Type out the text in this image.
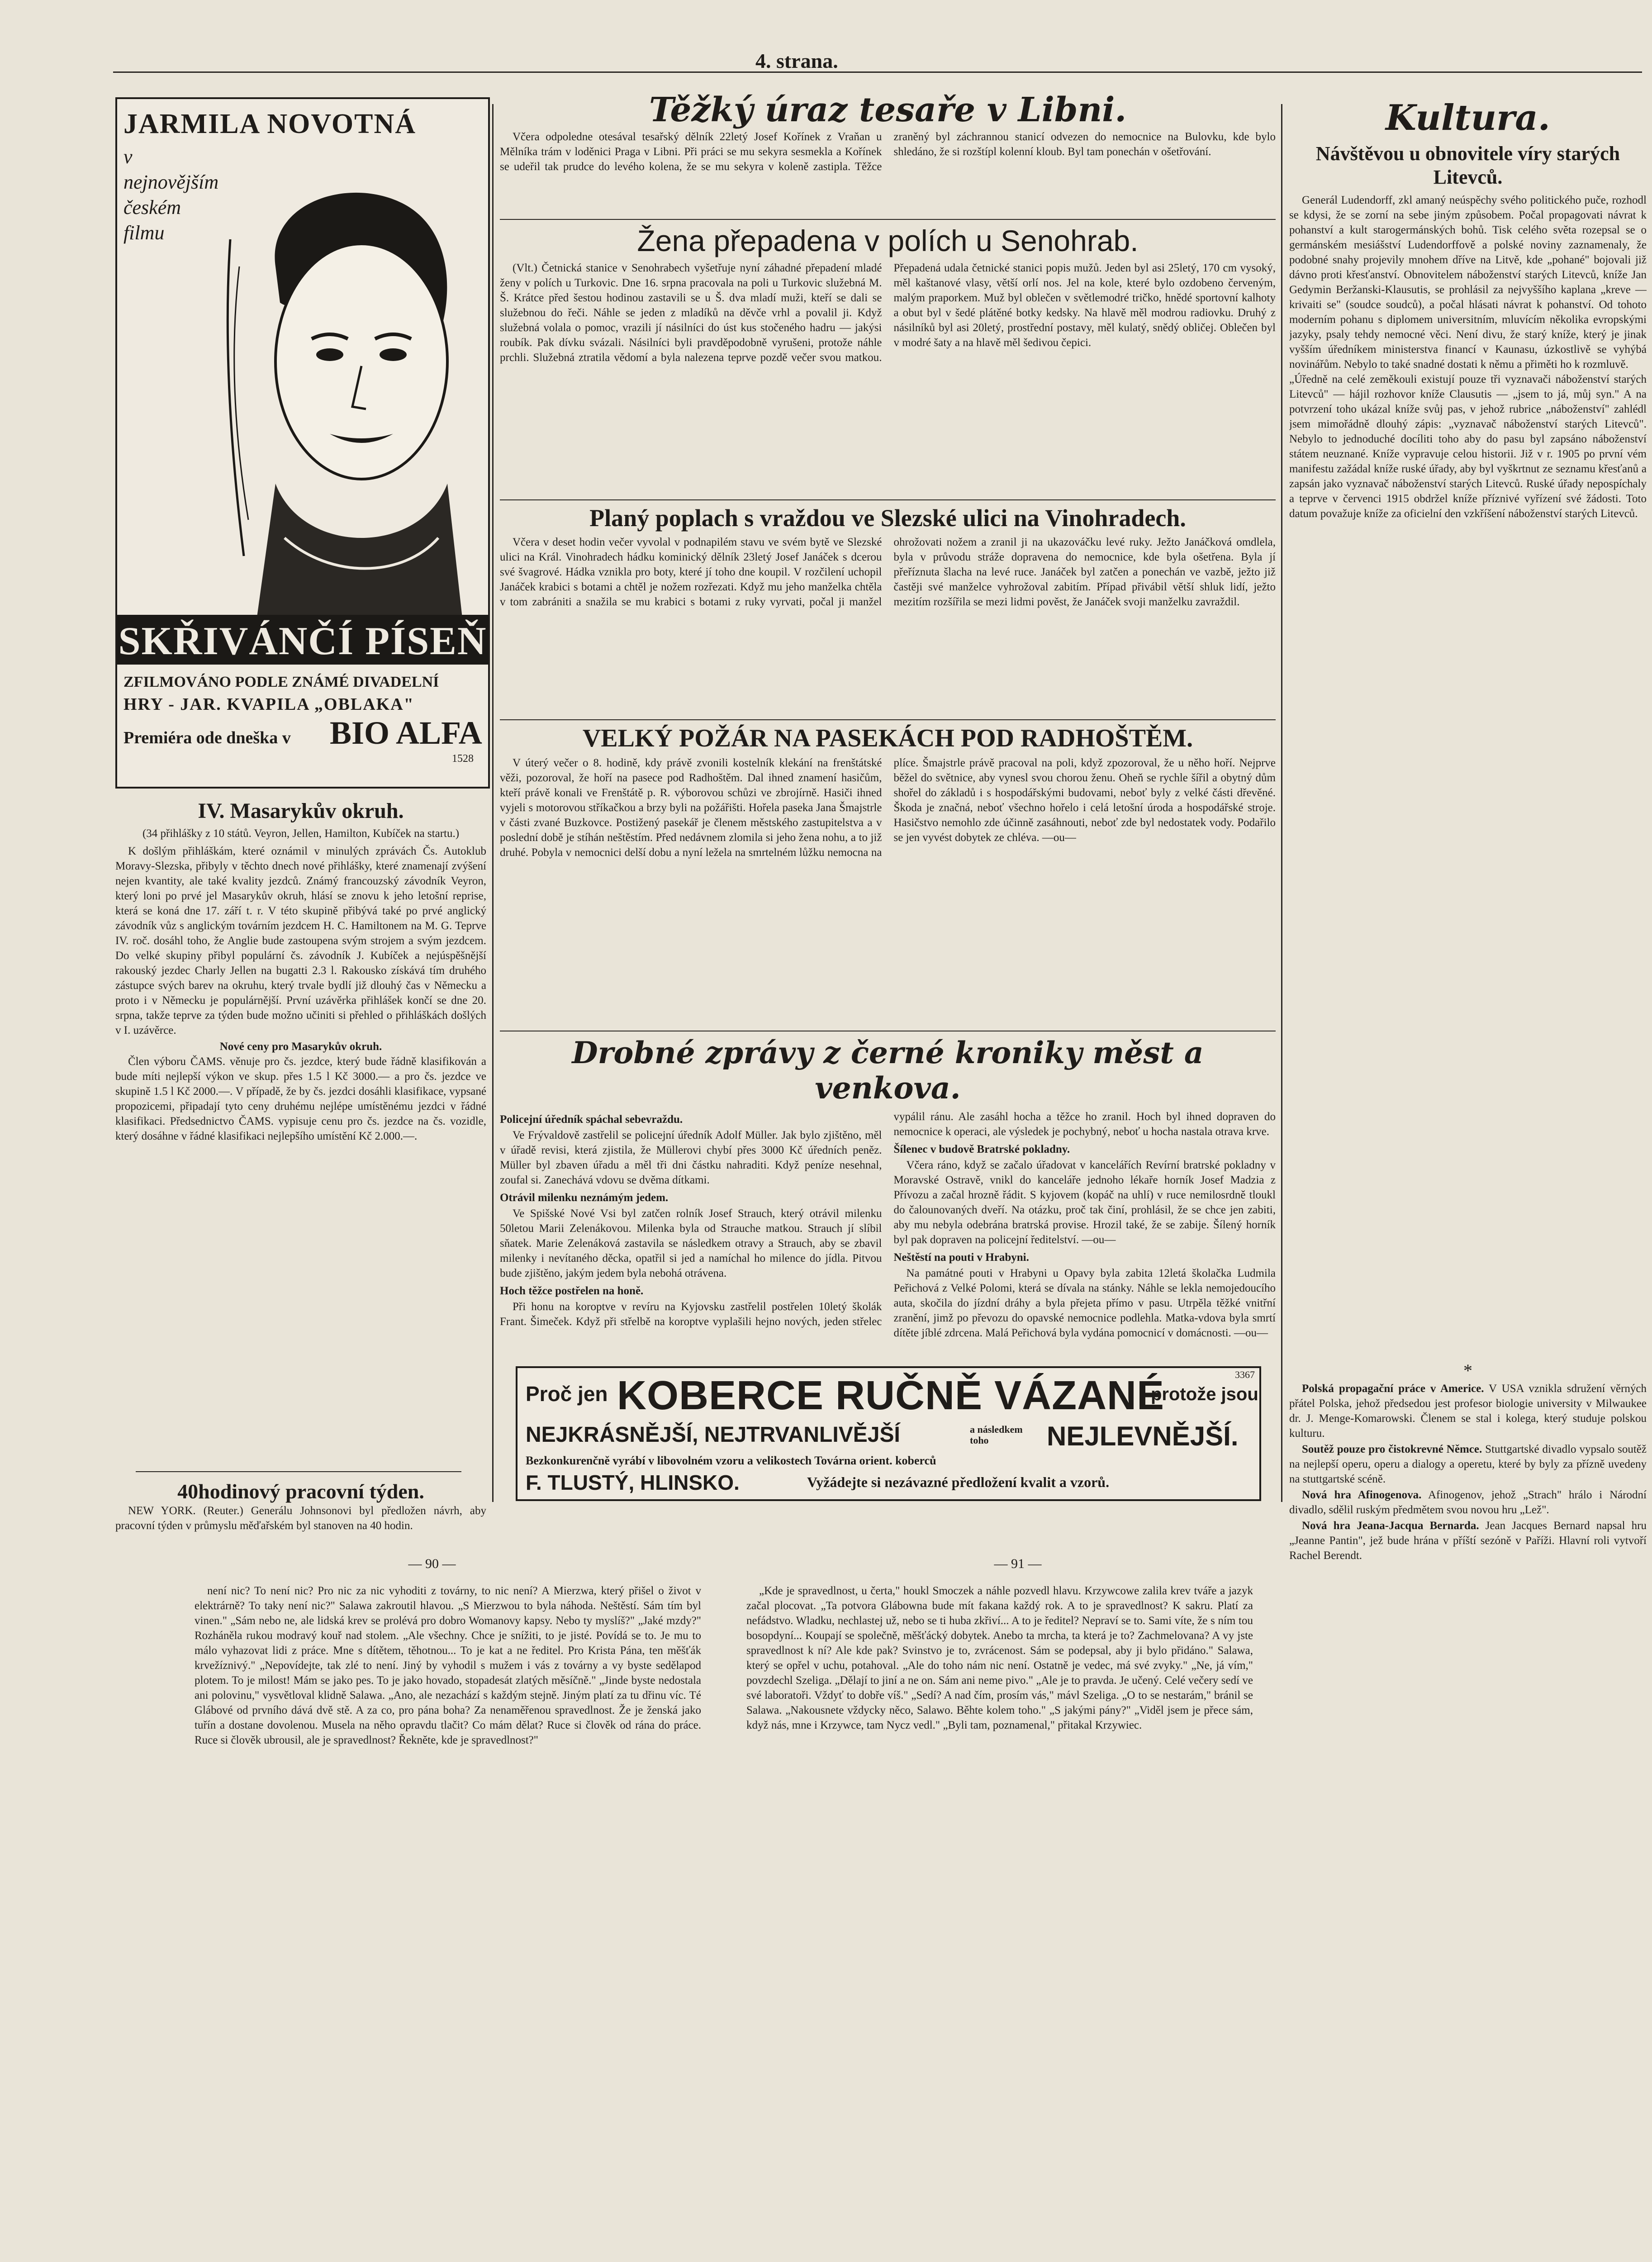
4. strana.
JARMILA NOVOTNÁ
v nejnovějším českém filmu
SKŘIVÁNČÍ PÍSEŇ
ZFILMOVÁNO PODLE ZNÁMÉ DIVADELNÍ
HRY - JAR. KVAPILA „OBLAKA"
Premiéra ode dneška v BIO ALFA
1528
IV. Masarykův okruh.
(34 přihlášky z 10 států. Veyron, Jellen, Hamilton, Kubíček na startu.)

K došlým přihláškám, které oznámil v minulých zprávách Čs. Autoklub Moravy-Slezska, přibyly v těchto dnech nové přihlášky, které znamenají zvýšení nejen kvantity, ale také kvality jezdců. Známý francouzský závodník Veyron, který loni po prvé jel Masarykův okruh, hlásí se znovu k jeho letošní reprise, která se koná dne 17. září t. r. V této skupině přibývá také po prvé anglický závodník vůz s anglickým továrním jezdcem H. C. Hamiltonem na M. G. Teprve IV. roč. dosáhl toho, že Anglie bude zastoupena svým strojem a svým jezdcem. Do velké skupiny přibyl populární čs. závodník J. Kubíček a nejúspěšnější rakouský jezdec Charly Jellen na bugatti 2.3 l. Rakousko získává tím druhého zástupce svých barev na okruhu, který trvale bydlí již dlouhý čas v Německu a proto i v Německu je populárnější. První uzávěrka přihlášek končí se dne 20. srpna, takže teprve za týden bude možno učiniti si přehled o přihláškách došlých v I. uzávěrce.

Nové ceny pro Masarykův okruh.

Člen výboru ČAMS. věnuje pro čs. jezdce, který bude řádně klasifikován a bude míti nejlepší výkon ve skup. přes 1.5 l Kč 3000.— a pro čs. jezdce ve skupině 1.5 l Kč 2000.—. V případě, že by čs. jezdci dosáhli klasifikace, vypsané propozicemi, připadají tyto ceny druhému nejlépe umístěnému jezdci v řádné klasifikaci. Předsednictvo ČAMS. vypisuje cenu pro čs. jezdce na čs. vozidle, který dosáhne v řádné klasifikaci nejlepšího umístění Kč 2.000.—.

40hodinový pracovní týden.

NEW YORK. (Reuter.) Generálu Johnsonovi byl předložen návrh, aby pracovní týden v průmyslu měďařském byl stanoven na 40 hodin.

Těžký úraz tesaře v Libni.

Včera odpoledne otesával tesařský dělník 22letý Josef Kořínek z Vraňan u Mělníka trám v loděnici Praga v Libni. Při práci se mu sekyra sesmekla a Kořínek se udeřil tak prudce do levého kolena, že se mu sekyra v koleně zastipla. Těžce zraněný byl záchrannou stanicí odvezen do nemocnice na Bulovku, kde bylo shledáno, že si rozštípl kolenní kloub. Byl tam ponechán v ošetřování.

Žena přepadena v polích u Senohrab.

(Vlt.) Četnická stanice v Senohrabech vyšetřuje nyní záhadné přepadení mladé ženy v polích u Turkovic. Dne 16. srpna pracovala na poli u Turkovic služebná M. Š. Krátce před šestou hodinou zastavili se u Š. dva mladí muži, kteří se dali se služebnou do řeči. Náhle se jeden z mladíků na děvče vrhl a povalil ji. Když služebná volala o pomoc, vrazili jí násilníci do úst kus stočeného hadru — jakýsi roubík. Pak dívku svázali. Násilníci byli pravděpodobně vyrušeni, protože náhle prchli. Služebná ztratila vědomí a byla nalezena teprve pozdě večer svou matkou. Přepadená udala četnické stanici popis mužů. Jeden byl asi 25letý, 170 cm vysoký, měl kaštanové vlasy, větší orlí nos. Jel na kole, které bylo ozdobeno červeným, malým praporkem. Muž byl oblečen v světlemodré tričko, hnědé sportovní kalhoty a obut byl v šedé plátěné botky kedsky. Na hlavě měl modrou radiovku. Druhý z násilníků byl asi 20letý, prostřední postavy, měl kulatý, snědý obličej. Oblečen byl v modré šaty a na hlavě měl šedivou čepici.

Planý poplach s vraždou ve Slezské ulici na Vinohradech.

Včera v deset hodin večer vyvolal v podnapilém stavu ve svém bytě ve Slezské ulici na Král. Vinohradech hádku kominický dělník 23letý Josef Janáček s dcerou své švagrové. Hádka vznikla pro boty, které jí toho dne koupil. V rozčilení uchopil Janáček krabici s botami a chtěl je nožem rozřezati. Když mu jeho manželka chtěla v tom zabrániti a snažila se mu krabici s botami z ruky vyrvati, počal ji manžel ohrožovati nožem a zranil ji na ukazováčku levé ruky. Ježto Janáčková omdlela, byla v průvodu stráže dopravena do nemocnice, kde byla ošetřena. Byla jí přeříznuta šlacha na levé ruce. Janáček byl zatčen a ponechán ve vazbě, ježto již častěji své manželce vyhrožoval zabitím. Případ přivábil větší shluk lidí, ježto mezitím rozšířila se mezi lidmi pověst, že Janáček svoji manželku zavraždil.

VELKÝ POŽÁR NA PASEKÁCH POD RADHOŠTĚM.

V úterý večer o 8. hodině, kdy právě zvonili kostelník klekání na frenštátské věži, pozoroval, že hoří na pasece pod Radhoštěm. Dal ihned znamení hasičům, kteří právě konali ve Frenštátě p. R. výborovou schůzi ve zbrojírně. Hasiči ihned vyjeli s motorovou stříkačkou a brzy byli na požářišti. Hořela paseka Jana Šmajstrle v části zvané Buzkovce. Postižený pasekář je členem městského zastupitelstva a v poslední době je stíhán neštěstím. Před nedávnem zlomila si jeho žena nohu, a to již druhé. Pobyla v nemocnici delší dobu a nyní ležela na smrtelném lůžku nemocna na plíce. Šmajstrle právě pracoval na poli, když zpozoroval, že u něho hoří. Nejprve běžel do světnice, aby vynesl svou chorou ženu. Oheň se rychle šířil a obytný dům shořel do základů i s hospodářskými budovami, neboť byly z velké části dřevěné. Škoda je značná, neboť všechno hořelo i celá letošní úroda a hospodářské stroje. Hasičstvo nemohlo zde účinně zasáhnouti, neboť zde byl nedostatek vody. Podařilo se jen vyvést dobytek ze chléva. —ou—

Drobné zprávy z černé kroniky měst a venkova.
Policejní úředník spáchal sebevraždu.

Ve Frývaldově zastřelil se policejní úředník Adolf Müller. Jak bylo zjištěno, měl v úřadě revisi, která zjistila, že Müllerovi chybí přes 3000 Kč úředních peněz. Müller byl zbaven úřadu a měl tři dni částku nahraditi. Když peníze nesehnal, zoufal si. Zanechává vdovu se dvěma dítkami.

Otrávil milenku neznámým jedem.

Ve Spišské Nové Vsi byl zatčen rolník Josef Strauch, který otrávil milenku 50letou Marii Zelenákovou. Milenka byla od Strauche matkou. Strauch jí slíbil sňatek. Marie Zelenáková zastavila se následkem otravy a Strauch, aby se zbavil milenky i nevítaného děcka, opatřil si jed a namíchal ho milence do jídla. Pitvou bude zjištěno, jakým jedem byla nebohá otrávena.

Hoch těžce postřelen na honě.

Při honu na koroptve v revíru na Kyjovsku zastřelil postřelen 10letý školák Frant. Šimeček. Když při střelbě na koroptve vyplašili hejno nových, jeden střelec vypálil ránu. Ale zasáhl hocha a těžce ho zranil. Hoch byl ihned dopraven do nemocnice k operaci, ale výsledek je pochybný, neboť u hocha nastala otrava krve.

Šílenec v budově Bratrské pokladny.

Včera ráno, když se začalo úřadovat v kancelářích Revírní bratrské pokladny v Moravské Ostravě, vnikl do kanceláře jednoho lékaře horník Josef Madzia z Přívozu a začal hrozně řádit. S kyjovem (kopáč na uhlí) v ruce nemilosrdně tloukl do čalounovaných dveří. Na otázku, proč tak činí, prohlásil, že se chce jen zabiti, aby mu nebyla odebrána bratrská provise. Hrozil také, že se zabije. Šílený horník byl pak dopraven na policejní ředitelství. —ou—

Neštěstí na pouti v Hrabyni.

Na památné pouti v Hrabyni u Opavy byla zabita 12letá školačka Ludmila Peřichová z Velké Polomi, která se dívala na stánky. Náhle se lekla nemojedoucího auta, skočila do jízdní dráhy a byla přejeta přímo v pasu. Utrpěla těžké vnitřní zranění, jimž po převozu do opavské nemocnice podlehla. Matka-vdova byla smrtí dítěte jíblé zdrcena. Malá Peřichová byla vydána pomocnicí v domácnosti. —ou—

3367
Proč jen KOBERCE RUČNĚ VÁZANÉ
protože jsou
NEJKRÁSNĚJŠÍ, NEJTRVANLIVĚJŠÍ	a následkem toho	NEJLEVNĚJŠÍ.
Bezkonkurenčně vyrábí v libovolném vzoru a velikostech Továrna orient. koberců
F. TLUSTÝ, HLINSKO.	Vyžádejte si nezávazné předložení kvalit a vzorů.
Kultura.
Návštěvou u obnovitele víry starých Litevců.

Generál Ludendorff, zkl amaný neúspěchy svého politického puče, rozhodl se kdysi, že se zorní na sebe jiným způsobem. Počal propagovati návrat k pohanství a kult starogermánských bohů. Tisk celého světa rozepsal se o germánském mesiášství Ludendorffově a polské noviny zaznamenaly, že podobné snahy projevily mnohem dříve na Litvě, kde „pohané" bojovali již dávno proti křesťanství. Obnovitelem náboženství starých Litevců, kníže Jan Gedymin Beržanski-Klausutis, se prohlásil za nejvyššího kaplana „kreve — krivaiti se" (soudce soudců), a počal hlásati návrat k pohanství. Od tohoto moderním pohanu s diplomem universitním, mluvícím několika evropskými jazyky, psaly tehdy nemocné věci. Není divu, že starý kníže, který je jinak vyšším úředníkem ministerstva financí v Kaunasu, úzkostlivě se vyhýbá novinářům. Nebylo to také snadné dostati k němu a přiměti ho k rozmluvě.
„Úředně na celé zeměkouli existují pouze tři vyznavači náboženství starých Litevců" — hájil rozhovor kníže Clausutis — „jsem to já, můj syn." A na potvrzení toho ukázal kníže svůj pas, v jehož rubrice „náboženství" zahlédl jsem mimořádně dlouhý zápis: „vyznavač náboženství starých Litevců". Nebylo to jednoduché docíliti toho aby do pasu byl zapsáno náboženství státem neuznané. Kníže vypravuje celou historii. Již v r. 1905 po první vém manifestu zažádal kníže ruské úřady, aby byl vyškrtnut ze seznamu křesťanů a zapsán jako vyznavač náboženství starých Litevců. Ruské úřady nepospíchaly a teprve v červenci 1915 obdržel kníže příznivé vyřízení své žádosti. Toto datum považuje kníže za oficielní den vzkříšení náboženství starých Litevců.

*

Polská propagační práce v Americe. V USA vznikla sdružení věrných přátel Polska, jehož předsedou jest profesor biologie university v Milwaukee dr. J. Menge-Komarowski. Členem se stal i kolega, který studuje polskou kulturu.

Soutěž pouze pro čistokrevné Němce. Stuttgartské divadlo vypsalo soutěž na nejlepší operu, operu a dialogy a operetu, které by byly za přízně uvedeny na stuttgartské scéně.

Nová hra Afinogenova. Afinogenov, jehož „Strach" hrálo i Národní divadlo, sdělil ruským předmětem svou novou hru „Lež".

Nová hra Jeana-Jacqua Bernarda. Jean Jacques Bernard napsal hru „Jeanne Pantin", jež bude hrána v příští sezóně v Paříži. Hlavní roli vytvoří Rachel Berendt.

— 90 —	— 91 —

není nic? To není nic? Pro nic za nic vyhoditi z továrny, to nic není? A Mierzwa, který přišel o život v elektrárně? To taky není nic?" Salawa zakroutil hlavou. „S Mierzwou to byla náhoda. Neštěstí. Sám tím byl vinen." „Sám nebo ne, ale lidská krev se prolévá pro dobro Womanovy kapsy. Nebo ty myslíš?" „Jaké mzdy?" Rozháněla rukou modravý kouř nad stolem. „Ale všechny. Chce je snížiti, to je jisté. Povídá se to. Je mu to málo vyhazovat lidi z práce. Mne s dítětem, těhotnou... To je kat a ne ředitel. Pro Krista Pána, ten měšťák krvežíznivý." „Nepovídejte, tak zlé to není. Jiný by vyhodil s mužem i vás z továrny a vy byste sedělapod plotem. To je milost! Mám se jako pes. To je jako hovado, stopadesát zlatých měsíčně." „Jinde byste nedostala ani polovinu," vysvětloval klidně Salawa. „Ano, ale nezachází s každým stejně. Jiným platí za tu dřinu víc. Té Glábové od prvního dává dvě stě. A za co, pro pána boha? Za nenaměřenou spravedlnost. Že je ženská jako tuřín a dostane dovolenou. Musela na něho opravdu tlačit? Co mám dělat? Ruce si člověk od rána do práce. Ruce si člověk ubrousil, ale je spravedlnost? Řekněte, kde je spravedlnost?"

„Kde je spravedlnost, u čerta," houkl Smoczek a náhle pozvedl hlavu. Krzywcowe zalila krev tváře a jazyk začal plocovat. „Ta potvora Glábowna bude mít fakana každý rok. A to je spravedlnost? K sakru. Platí za nefádstvo. Wladku, nechlastej už, nebo se ti huba zkřiví... A to je ředitel? Nepraví se to. Sami víte, že s ním tou bosopdyní... Koupají se společně, měšťácký dobytek. Anebo ta mrcha, ta která je to? Zachmelovana? A vy jste spravedlnost k ní? Ale kde pak? Svinstvo je to, zvrácenost. Sám se podepsal, aby ji bylo přidáno." Salawa, který se opřel v uchu, potahoval. „Ale do toho nám nic není. Ostatně je vedec, má své zvyky." „Ne, já vím," povzdechl Szeliga. „Dělají to jiní a ne on. Sám ani neme pivo." „Ale je to pravda. Je učený. Celé večery sedí ve své laboratoři. Vždyť to dobře víš." „Sedí? A nad čím, prosím vás," mávl Szeliga. „O to se nestarám," bránil se Salawa. „Nakousnete vždycky něco, Salawo. Běhte kolem toho." „S jakými pány?" „Viděl jsem je přece sám, když nás, mne i Krzywce, tam Nycz vedl." „Byli tam, poznamenal," přitakal Krzywiec.
